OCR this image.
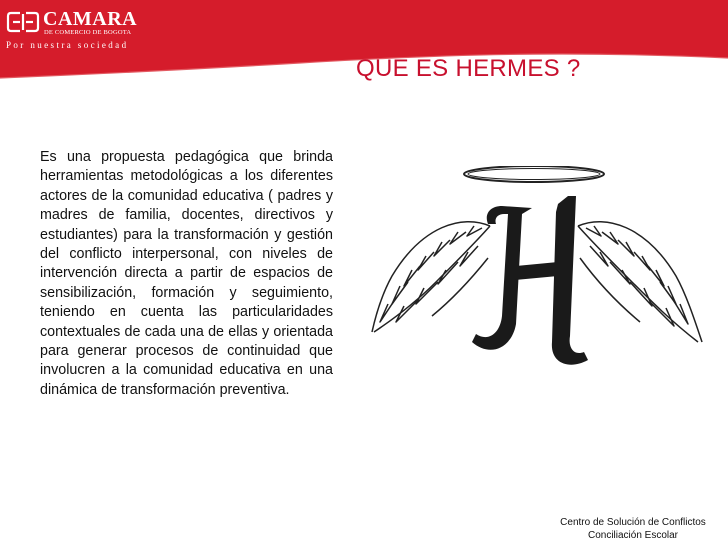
CAMARA
DE COMERCIO DE BOGOTA
Por nuestra sociedad
QUE ES HERMES ?

Es una propuesta pedagógica que brinda herramientas metodológicas a los diferentes actores de la comunidad educativa ( padres y madres de familia, docentes, directivos y estudiantes) para la transformación y gestión del conflicto interpersonal, con niveles de intervención directa a partir de espacios de sensibilización, formación y seguimiento, teniendo en cuenta las particularidades contextuales de cada una de ellas y orientada para generar procesos de continuidad que involucren a la comunidad educativa en una dinámica de transformación preventiva.

Centro de Solución de Conflictos
Conciliación Escolar
